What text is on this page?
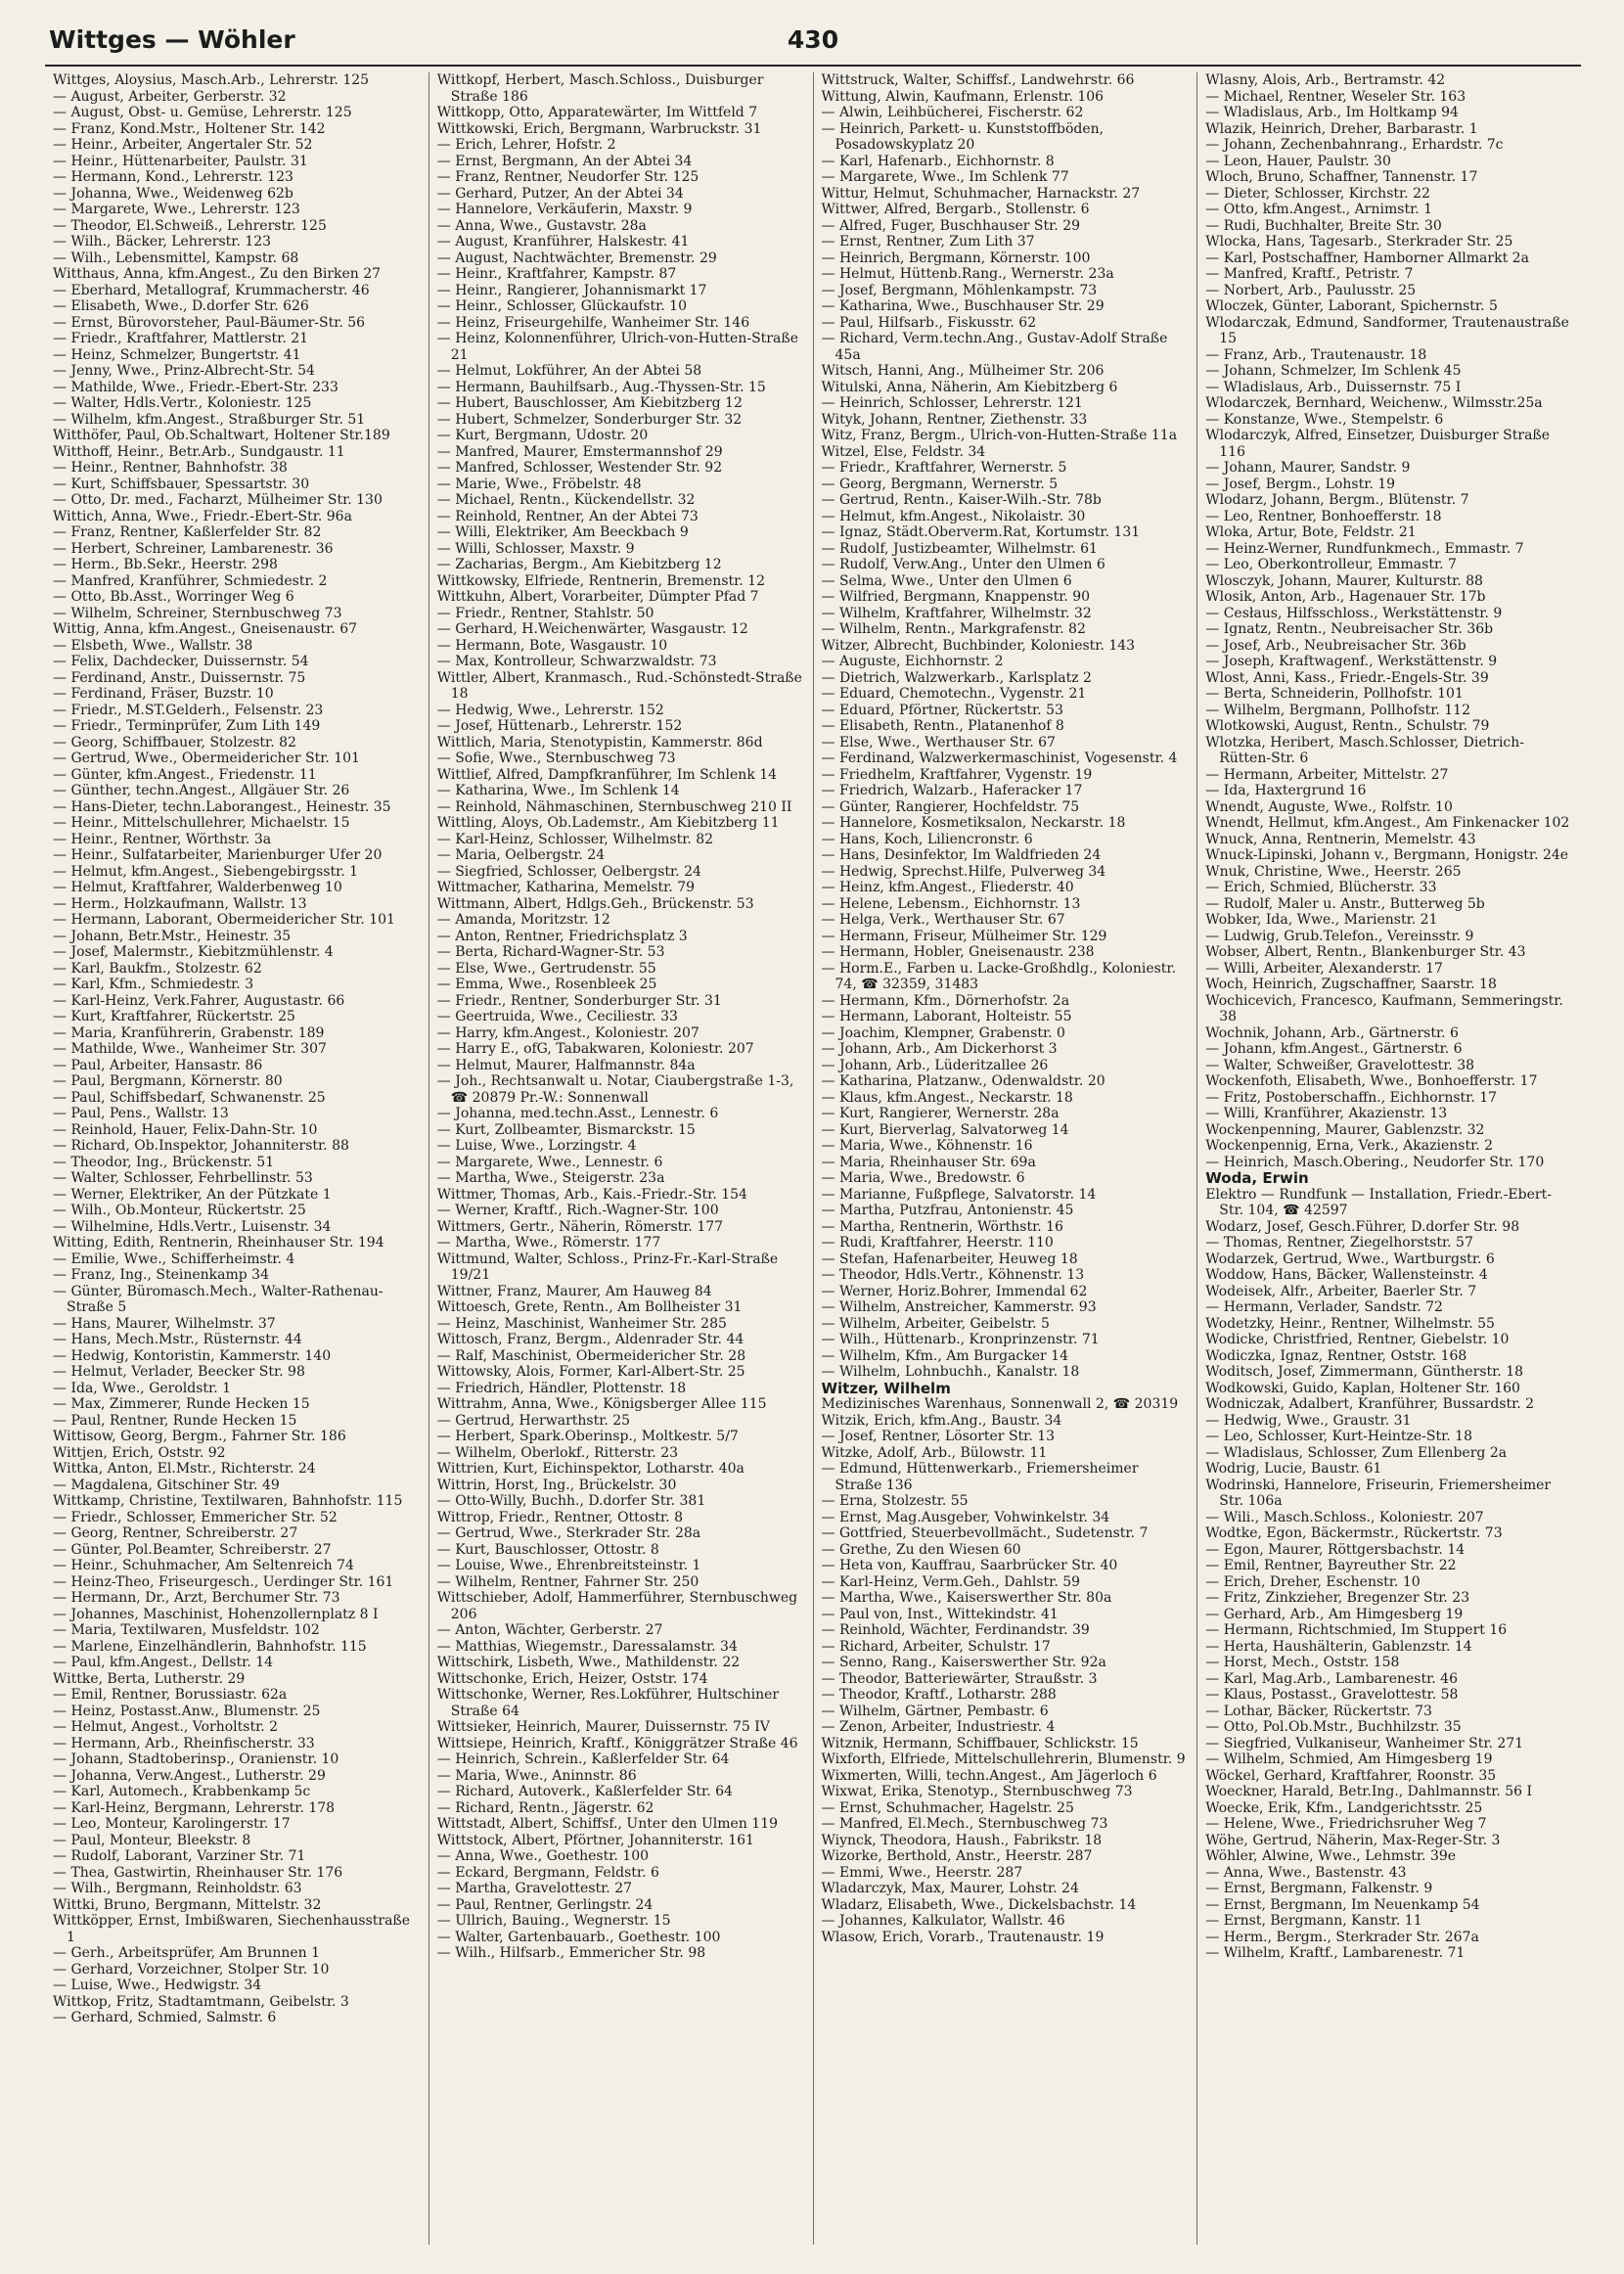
Wittges — Wöhler	430

Wittges, Aloysius, Masch.Arb., Lehrerstr. 125

— August, Arbeiter, Gerberstr. 32

— August, Obst- u. Gemüse, Lehrerstr. 125

— Franz, Kond.Mstr., Holtener Str. 142

— Heinr., Arbeiter, Angertaler Str. 52

— Heinr., Hüttenarbeiter, Paulstr. 31

— Hermann, Kond., Lehrerstr. 123

— Johanna, Wwe., Weidenweg 62b

— Margarete, Wwe., Lehrerstr. 123

— Theodor, El.Schweiß., Lehrerstr. 125

— Wilh., Bäcker, Lehrerstr. 123

— Wilh., Lebensmittel, Kampstr. 68

Witthaus, Anna, kfm.Angest., Zu den Birken 27

— Eberhard, Metallograf, Krummacherstr. 46

— Elisabeth, Wwe., D.dorfer Str. 626

— Ernst, Bürovorsteher, Paul-Bäumer-Str. 56

— Friedr., Kraftfahrer, Mattlerstr. 21

— Heinz, Schmelzer, Bungertstr. 41

— Jenny, Wwe., Prinz-Albrecht-Str. 54

— Mathilde, Wwe., Friedr.-Ebert-Str. 233

— Walter, Hdls.Vertr., Koloniestr. 125

— Wilhelm, kfm.Angest., Straßburger Str. 51

Witthöfer, Paul, Ob.Schaltwart, Holtener Str.189

Witthoff, Heinr., Betr.Arb., Sundgaustr. 11

— Heinr., Rentner, Bahnhofstr. 38

— Kurt, Schiffsbauer, Spessartstr. 30

— Otto, Dr. med., Facharzt, Mülheimer Str. 130

Wittich, Anna, Wwe., Friedr.-Ebert-Str. 96a

— Franz, Rentner, Kaßlerfelder Str. 82

— Herbert, Schreiner, Lambarenestr. 36

— Herm., Bb.Sekr., Heerstr. 298

— Manfred, Kranführer, Schmiedestr. 2

— Otto, Bb.Asst., Worringer Weg 6

— Wilhelm, Schreiner, Sternbuschweg 73

Wittig, Anna, kfm.Angest., Gneisenaustr. 67

— Elsbeth, Wwe., Wallstr. 38

— Felix, Dachdecker, Duissernstr. 54

— Ferdinand, Anstr., Duissernstr. 75

— Ferdinand, Fräser, Buzstr. 10

— Friedr., M.ST.Gelderh., Felsenstr. 23

— Friedr., Terminprüfer, Zum Lith 149

— Georg, Schiffbauer, Stolzestr. 82

— Gertrud, Wwe., Obermeidericher Str. 101

— Günter, kfm.Angest., Friedenstr. 11

— Günther, techn.Angest., Allgäuer Str. 26

— Hans-Dieter, techn.Laborangest., Heinestr. 35

— Heinr., Mittelschullehrer, Michaelstr. 15

— Heinr., Rentner, Wörthstr. 3a

— Heinr., Sulfatarbeiter, Marienburger Ufer 20

— Helmut, kfm.Angest., Siebengebirgsstr. 1

— Helmut, Kraftfahrer, Walderbenweg 10

— Herm., Holzkaufmann, Wallstr. 13

— Hermann, Laborant, Obermeidericher Str. 101

— Johann, Betr.Mstr., Heinestr. 35

— Josef, Malermstr., Kiebitzmühlenstr. 4

— Karl, Baukfm., Stolzestr. 62

— Karl, Kfm., Schmiedestr. 3

— Karl-Heinz, Verk.Fahrer, Augustastr. 66

— Kurt, Kraftfahrer, Rückertstr. 25

— Maria, Kranführerin, Grabenstr. 189

— Mathilde, Wwe., Wanheimer Str. 307

— Paul, Arbeiter, Hansastr. 86

— Paul, Bergmann, Körnerstr. 80

— Paul, Schiffsbedarf, Schwanenstr. 25

— Paul, Pens., Wallstr. 13

— Reinhold, Hauer, Felix-Dahn-Str. 10

— Richard, Ob.Inspektor, Johanniterstr. 88

— Theodor, Ing., Brückenstr. 51

— Walter, Schlosser, Fehrbellinstr. 53

— Werner, Elektriker, An der Pützkate 1

— Wilh., Ob.Monteur, Rückertstr. 25

— Wilhelmine, Hdls.Vertr., Luisenstr. 34

Witting, Edith, Rentnerin, Rheinhauser Str. 194

— Emilie, Wwe., Schifferheimstr. 4

— Franz, Ing., Steinenkamp 34

— Günter, Büromasch.Mech., Walter-Rathenau-Straße 5

— Hans, Maurer, Wilhelmstr. 37

— Hans, Mech.Mstr., Rüsternstr. 44

— Hedwig, Kontoristin, Kammerstr. 140

— Helmut, Verlader, Beecker Str. 98

— Ida, Wwe., Geroldstr. 1

— Max, Zimmerer, Runde Hecken 15

— Paul, Rentner, Runde Hecken 15

Wittisow, Georg, Bergm., Fahrner Str. 186

Wittjen, Erich, Oststr. 92

Wittka, Anton, El.Mstr., Richterstr. 24

— Magdalena, Gitschiner Str. 49

Wittkamp, Christine, Textilwaren, Bahnhofstr. 115

— Friedr., Schlosser, Emmericher Str. 52

— Georg, Rentner, Schreiberstr. 27

— Günter, Pol.Beamter, Schreiberstr. 27

— Heinr., Schuhmacher, Am Seltenreich 74

— Heinz-Theo, Friseurgesch., Uerdinger Str. 161

— Hermann, Dr., Arzt, Berchumer Str. 73

— Johannes, Maschinist, Hohenzollernplatz 8 I

— Maria, Textilwaren, Musfeldstr. 102

— Marlene, Einzelhändlerin, Bahnhofstr. 115

— Paul, kfm.Angest., Dellstr. 14

Wittke, Berta, Lutherstr. 29

— Emil, Rentner, Borussiastr. 62a

— Heinz, Postasst.Anw., Blumenstr. 25

— Helmut, Angest., Vorholtstr. 2

— Hermann, Arb., Rheinfischerstr. 33

— Johann, Stadtoberinsp., Oranienstr. 10

— Johanna, Verw.Angest., Lutherstr. 29

— Karl, Automech., Krabbenkamp 5c

— Karl-Heinz, Bergmann, Lehrerstr. 178

— Leo, Monteur, Karolingerstr. 17

— Paul, Monteur, Bleekstr. 8

— Rudolf, Laborant, Varziner Str. 71

— Thea, Gastwirtin, Rheinhauser Str. 176

— Wilh., Bergmann, Reinholdstr. 63

Wittki, Bruno, Bergmann, Mittelstr. 32

Wittköpper, Ernst, Imbißwaren, Siechenhausstraße 1

— Gerh., Arbeitsprüfer, Am Brunnen 1

— Gerhard, Vorzeichner, Stolper Str. 10

— Luise, Wwe., Hedwigstr. 34

Wittkop, Fritz, Stadtamtmann, Geibelstr. 3

— Gerhard, Schmied, Salmstr. 6

Wittkopf, Herbert, Masch.Schloss., Duisburger Straße 186

Wittkopp, Otto, Apparatewärter, Im Wittfeld 7

Wittkowski, Erich, Bergmann, Warbruckstr. 31

— Erich, Lehrer, Hofstr. 2

— Ernst, Bergmann, An der Abtei 34

— Franz, Rentner, Neudorfer Str. 125

— Gerhard, Putzer, An der Abtei 34

— Hannelore, Verkäuferin, Maxstr. 9

— Anna, Wwe., Gustavstr. 28a

— August, Kranführer, Halskestr. 41

— August, Nachtwächter, Bremenstr. 29

— Heinr., Kraftfahrer, Kampstr. 87

— Heinr., Rangierer, Johannismarkt 17

— Heinr., Schlosser, Glückaufstr. 10

— Heinz, Friseurgehilfe, Wanheimer Str. 146

— Heinz, Kolonnenführer, Ulrich-von-Hutten-Straße 21

— Helmut, Lokführer, An der Abtei 58

— Hermann, Bauhilfsarb., Aug.-Thyssen-Str. 15

— Hubert, Bauschlosser, Am Kiebitzberg 12

— Hubert, Schmelzer, Sonderburger Str. 32

— Kurt, Bergmann, Udostr. 20

— Manfred, Maurer, Emstermannshof 29

— Manfred, Schlosser, Westender Str. 92

— Marie, Wwe., Fröbelstr. 48

— Michael, Rentn., Kückendellstr. 32

— Reinhold, Rentner, An der Abtei 73

— Willi, Elektriker, Am Beeckbach 9

— Willi, Schlosser, Maxstr. 9

— Zacharias, Bergm., Am Kiebitzberg 12

Wittkowsky, Elfriede, Rentnerin, Bremenstr. 12

Wittkuhn, Albert, Vorarbeiter, Dümpter Pfad 7

— Friedr., Rentner, Stahlstr. 50

— Gerhard, H.Weichenwärter, Wasgaustr. 12

— Hermann, Bote, Wasgaustr. 10

— Max, Kontrolleur, Schwarzwaldstr. 73

Wittler, Albert, Kranmasch., Rud.-Schönstedt-Straße 18

— Hedwig, Wwe., Lehrerstr. 152

— Josef, Hüttenarb., Lehrerstr. 152

Wittlich, Maria, Stenotypistin, Kammerstr. 86d

— Sofie, Wwe., Sternbuschweg 73

Wittlief, Alfred, Dampfkranführer, Im Schlenk 14

— Katharina, Wwe., Im Schlenk 14

— Reinhold, Nähmaschinen, Sternbuschweg 210 II

Wittling, Aloys, Ob.Lademstr., Am Kiebitzberg 11

— Karl-Heinz, Schlosser, Wilhelmstr. 82

— Maria, Oelbergstr. 24

— Siegfried, Schlosser, Oelbergstr. 24

Wittmacher, Katharina, Memelstr. 79

Wittmann, Albert, Hdlgs.Geh., Brückenstr. 53

— Amanda, Moritzstr. 12

— Anton, Rentner, Friedrichsplatz 3

— Berta, Richard-Wagner-Str. 53

— Else, Wwe., Gertrudenstr. 55

— Emma, Wwe., Rosenbleek 25

— Friedr., Rentner, Sonderburger Str. 31

— Geertruida, Wwe., Ceciliestr. 33

— Harry, kfm.Angest., Koloniestr. 207

— Harry E., ofG, Tabakwaren, Koloniestr. 207

— Helmut, Maurer, Halfmannstr. 84a

— Joh., Rechtsanwalt u. Notar, Ciaubergstraße 1-3, ☎ 20879 Pr.-W.: Sonnenwall

— Johanna, med.techn.Asst., Lennestr. 6

— Kurt, Zollbeamter, Bismarckstr. 15

— Luise, Wwe., Lorzingstr. 4

— Margarete, Wwe., Lennestr. 6

— Martha, Wwe., Steigerstr. 23a

Wittmer, Thomas, Arb., Kais.-Friedr.-Str. 154

— Werner, Kraftf., Rich.-Wagner-Str. 100

Wittmers, Gertr., Näherin, Römerstr. 177

— Martha, Wwe., Römerstr. 177

Wittmund, Walter, Schloss., Prinz-Fr.-Karl-Straße 19/21

Wittner, Franz, Maurer, Am Hauweg 84

Wittoesch, Grete, Rentn., Am Bollheister 31

— Heinz, Maschinist, Wanheimer Str. 285

Wittosch, Franz, Bergm., Aldenrader Str. 44

— Ralf, Maschinist, Obermeidericher Str. 28

Wittowsky, Alois, Former, Karl-Albert-Str. 25

— Friedrich, Händler, Plottenstr. 18

Wittrahm, Anna, Wwe., Königsberger Allee 115

— Gertrud, Herwarthstr. 25

— Herbert, Spark.Oberinsp., Moltkestr. 5/7

— Wilhelm, Oberlokf., Ritterstr. 23

Wittrien, Kurt, Eichinspektor, Lotharstr. 40a

Wittrin, Horst, Ing., Brückelstr. 30

— Otto-Willy, Buchh., D.dorfer Str. 381

Wittrop, Friedr., Rentner, Ottostr. 8

— Gertrud, Wwe., Sterkrader Str. 28a

— Kurt, Bauschlosser, Ottostr. 8

— Louise, Wwe., Ehrenbreitsteinstr. 1

— Wilhelm, Rentner, Fahrner Str. 250

Wittschieber, Adolf, Hammerführer, Sternbuschweg 206

— Anton, Wächter, Gerberstr. 27

— Matthias, Wiegemstr., Daressalamstr. 34

Wittschirk, Lisbeth, Wwe., Mathildenstr. 22

Wittschonke, Erich, Heizer, Oststr. 174

Wittschonke, Werner, Res.Lokführer, Hultschiner Straße 64

Wittsieker, Heinrich, Maurer, Duissernstr. 75 IV

Wittsiepe, Heinrich, Kraftf., Königgrätzer Straße 46

— Heinrich, Schrein., Kaßlerfelder Str. 64

— Maria, Wwe., Aninnstr. 86

— Richard, Autoverk., Kaßlerfelder Str. 64

— Richard, Rentn., Jägerstr. 62

Wittstadt, Albert, Schiffsf., Unter den Ulmen 119

Wittstock, Albert, Pförtner, Johanniterstr. 161

— Anna, Wwe., Goethestr. 100

— Eckard, Bergmann, Feldstr. 6

— Martha, Gravelottestr. 27

— Paul, Rentner, Gerlingstr. 24

— Ullrich, Bauing., Wegnerstr. 15

— Walter, Gartenbauarb., Goethestr. 100

— Wilh., Hilfsarb., Emmericher Str. 98

Wittstruck, Walter, Schiffsf., Landwehrstr. 66

Wittung, Alwin, Kaufmann, Erlenstr. 106

— Alwin, Leihbücherei, Fischerstr. 62

— Heinrich, Parkett- u. Kunststoffböden, Posadowskyplatz 20

— Karl, Hafenarb., Eichhornstr. 8

— Margarete, Wwe., Im Schlenk 77

Wittur, Helmut, Schuhmacher, Harnackstr. 27

Wittwer, Alfred, Bergarb., Stollenstr. 6

— Alfred, Fuger, Buschhauser Str. 29

— Ernst, Rentner, Zum Lith 37

— Heinrich, Bergmann, Körnerstr. 100

— Helmut, Hüttenb.Rang., Wernerstr. 23a

— Josef, Bergmann, Möhlenkampstr. 73

— Katharina, Wwe., Buschhauser Str. 29

— Paul, Hilfsarb., Fiskusstr. 62

— Richard, Verm.techn.Ang., Gustav-Adolf Straße 45a

Witsch, Hanni, Ang., Mülheimer Str. 206

Witulski, Anna, Näherin, Am Kiebitzberg 6

— Heinrich, Schlosser, Lehrerstr. 121

Wityk, Johann, Rentner, Ziethenstr. 33

Witz, Franz, Bergm., Ulrich-von-Hutten-Straße 11a

Witzel, Else, Feldstr. 34

— Friedr., Kraftfahrer, Wernerstr. 5

— Georg, Bergmann, Wernerstr. 5

— Gertrud, Rentn., Kaiser-Wilh.-Str. 78b

— Helmut, kfm.Angest., Nikolaistr. 30

— Ignaz, Städt.Oberverm.Rat, Kortumstr. 131

— Rudolf, Justizbeamter, Wilhelmstr. 61

— Rudolf, Verw.Ang., Unter den Ulmen 6

— Selma, Wwe., Unter den Ulmen 6

— Wilfried, Bergmann, Knappenstr. 90

— Wilhelm, Kraftfahrer, Wilhelmstr. 32

— Wilhelm, Rentn., Markgrafenstr. 82

Witzer, Albrecht, Buchbinder, Koloniestr. 143

— Auguste, Eichhornstr. 2

— Dietrich, Walzwerkarb., Karlsplatz 2

— Eduard, Chemotechn., Vygenstr. 21

— Eduard, Pförtner, Rückertstr. 53

— Elisabeth, Rentn., Platanenhof 8

— Else, Wwe., Werthauser Str. 67

— Ferdinand, Walzwerkermaschinist, Vogesenstr. 4

— Friedhelm, Kraftfahrer, Vygenstr. 19

— Friedrich, Walzarb., Haferacker 17

— Günter, Rangierer, Hochfeldstr. 75

— Hannelore, Kosmetiksalon, Neckarstr. 18

— Hans, Koch, Liliencronstr. 6

— Hans, Desinfektor, Im Waldfrieden 24

— Hedwig, Sprechst.Hilfe, Pulverweg 34

— Heinz, kfm.Angest., Fliederstr. 40

— Helene, Lebensm., Eichhornstr. 13

— Helga, Verk., Werthauser Str. 67

— Hermann, Friseur, Mülheimer Str. 129

— Hermann, Hobler, Gneisenaustr. 238

— Horm.E., Farben u. Lacke-Großhdlg., Koloniestr. 74, ☎ 32359, 31483

— Hermann, Kfm., Dörnerhofstr. 2a

— Hermann, Laborant, Holteistr. 55

— Joachim, Klempner, Grabenstr. 0

— Johann, Arb., Am Dickerhorst 3

— Johann, Arb., Lüderitzallee 26

— Katharina, Platzanw., Odenwaldstr. 20

— Klaus, kfm.Angest., Neckarstr. 18

— Kurt, Rangierer, Wernerstr. 28a

— Kurt, Bierverlag, Salvatorweg 14

— Maria, Wwe., Köhnenstr. 16

— Maria, Rheinhauser Str. 69a

— Maria, Wwe., Bredowstr. 6

— Marianne, Fußpflege, Salvatorstr. 14

— Martha, Putzfrau, Antonienstr. 45

— Martha, Rentnerin, Wörthstr. 16

— Rudi, Kraftfahrer, Heerstr. 110

— Stefan, Hafenarbeiter, Heuweg 18

— Theodor, Hdls.Vertr., Köhnenstr. 13

— Werner, Horiz.Bohrer, Immendal 62

— Wilhelm, Anstreicher, Kammerstr. 93

— Wilhelm, Arbeiter, Geibelstr. 5

— Wilh., Hüttenarb., Kronprinzenstr. 71

— Wilhelm, Kfm., Am Burgacker 14

— Wilhelm, Lohnbuchh., Kanalstr. 18

Witzer, Wilhelm

Medizinisches Warenhaus, Sonnenwall 2, ☎ 20319

Witzik, Erich, kfm.Ang., Baustr. 34

— Josef, Rentner, Lösorter Str. 13

Witzke, Adolf, Arb., Bülowstr. 11

— Edmund, Hüttenwerkarb., Friemersheimer Straße 136

— Erna, Stolzestr. 55

— Ernst, Mag.Ausgeber, Vohwinkelstr. 34

— Gottfried, Steuerbevollmächt., Sudetenstr. 7

— Grethe, Zu den Wiesen 60

— Heta von, Kauffrau, Saarbrücker Str. 40

— Karl-Heinz, Verm.Geh., Dahlstr. 59

— Martha, Wwe., Kaiserswerther Str. 80a

— Paul von, Inst., Wittekindstr. 41

— Reinhold, Wächter, Ferdinandstr. 39

— Richard, Arbeiter, Schulstr. 17

— Senno, Rang., Kaiserswerther Str. 92a

— Theodor, Batteriewärter, Straußstr. 3

— Theodor, Kraftf., Lotharstr. 288

— Wilhelm, Gärtner, Pembastr. 6

— Zenon, Arbeiter, Industriestr. 4

Witznik, Hermann, Schiffbauer, Schlickstr. 15

Wixforth, Elfriede, Mittelschullehrerin, Blumenstr. 9

Wixmerten, Willi, techn.Angest., Am Jägerloch 6

Wixwat, Erika, Stenotyp., Sternbuschweg 73

— Ernst, Schuhmacher, Hagelstr. 25

— Manfred, El.Mech., Sternbuschweg 73

Wiynck, Theodora, Haush., Fabrikstr. 18

Wizorke, Berthold, Anstr., Heerstr. 287

— Emmi, Wwe., Heerstr. 287

Wladarczyk, Max, Maurer, Lohstr. 24

Wladarz, Elisabeth, Wwe., Dickelsbachstr. 14

— Johannes, Kalkulator, Wallstr. 46

Wlasow, Erich, Vorarb., Trautenaustr. 19

Wlasny, Alois, Arb., Bertramstr. 42

— Michael, Rentner, Weseler Str. 163

— Wladislaus, Arb., Im Holtkamp 94

Wlazik, Heinrich, Dreher, Barbarastr. 1

— Johann, Zechenbahnrang., Erhardstr. 7c

— Leon, Hauer, Paulstr. 30

Wloch, Bruno, Schaffner, Tannenstr. 17

— Dieter, Schlosser, Kirchstr. 22

— Otto, kfm.Angest., Arnimstr. 1

— Rudi, Buchhalter, Breite Str. 30

Wlocka, Hans, Tagesarb., Sterkrader Str. 25

— Karl, Postschaffner, Hamborner Allmarkt 2a

— Manfred, Kraftf., Petristr. 7

— Norbert, Arb., Paulusstr. 25

Wloczek, Günter, Laborant, Spichernstr. 5

Wlodarczak, Edmund, Sandformer, Trautenaustraße 15

— Franz, Arb., Trautenaustr. 18

— Johann, Schmelzer, Im Schlenk 45

— Wladislaus, Arb., Duissernstr. 75 I

Wlodarczek, Bernhard, Weichenw., Wilmsstr.25a

— Konstanze, Wwe., Stempelstr. 6

Wlodarczyk, Alfred, Einsetzer, Duisburger Straße 116

— Johann, Maurer, Sandstr. 9

— Josef, Bergm., Lohstr. 19

Wlodarz, Johann, Bergm., Blütenstr. 7

— Leo, Rentner, Bonhoefferstr. 18

Wloka, Artur, Bote, Feldstr. 21

— Heinz-Werner, Rundfunkmech., Emmastr. 7

— Leo, Oberkontrolleur, Emmastr. 7

Wlosczyk, Johann, Maurer, Kulturstr. 88

Wlosik, Anton, Arb., Hagenauer Str. 17b

— Cesłaus, Hilfsschloss., Werkstättenstr. 9

— Ignatz, Rentn., Neubreisacher Str. 36b

— Josef, Arb., Neubreisacher Str. 36b

— Joseph, Kraftwagenf., Werkstättenstr. 9

Wlost, Anni, Kass., Friedr.-Engels-Str. 39

— Berta, Schneiderin, Pollhofstr. 101

— Wilhelm, Bergmann, Pollhofstr. 112

Wlotkowski, August, Rentn., Schulstr. 79

Wlotzka, Heribert, Masch.Schlosser, Dietrich-Rütten-Str. 6

— Hermann, Arbeiter, Mittelstr. 27

— Ida, Haxtergrund 16

Wnendt, Auguste, Wwe., Rolfstr. 10

Wnendt, Hellmut, kfm.Angest., Am Finkenacker 102

Wnuck, Anna, Rentnerin, Memelstr. 43

Wnuck-Lipinski, Johann v., Bergmann, Honigstr. 24e

Wnuk, Christine, Wwe., Heerstr. 265

— Erich, Schmied, Blücherstr. 33

— Rudolf, Maler u. Anstr., Butterweg 5b

Wobker, Ida, Wwe., Marienstr. 21

— Ludwig, Grub.Telefon., Vereinsstr. 9

Wobser, Albert, Rentn., Blankenburger Str. 43

— Willi, Arbeiter, Alexanderstr. 17

Woch, Heinrich, Zugschaffner, Saarstr. 18

Wochicevich, Francesco, Kaufmann, Semmeringstr. 38

Wochnik, Johann, Arb., Gärtnerstr. 6

— Johann, kfm.Angest., Gärtnerstr. 6

— Walter, Schweißer, Gravelottestr. 38

Wockenfoth, Elisabeth, Wwe., Bonhoefferstr. 17

— Fritz, Postoberschaffn., Eichhornstr. 17

— Willi, Kranführer, Akazienstr. 13

Wockenpenning, Maurer, Gablenzstr. 32

Wockenpennig, Erna, Verk., Akazienstr. 2

— Heinrich, Masch.Obering., Neudorfer Str. 170

Woda, Erwin

Elektro — Rundfunk — Installation, Friedr.-Ebert-Str. 104, ☎ 42597

Wodarz, Josef, Gesch.Führer, D.dorfer Str. 98

— Thomas, Rentner, Ziegelhorststr. 57

Wodarzek, Gertrud, Wwe., Wartburgstr. 6

Woddow, Hans, Bäcker, Wallensteinstr. 4

Wodeisek, Alfr., Arbeiter, Baerler Str. 7

— Hermann, Verlader, Sandstr. 72

Wodetzky, Heinr., Rentner, Wilhelmstr. 55

Wodicke, Christfried, Rentner, Giebelstr. 10

Wodiczka, Ignaz, Rentner, Oststr. 168

Woditsch, Josef, Zimmermann, Güntherstr. 18

Wodkowski, Guido, Kaplan, Holtener Str. 160

Wodniczak, Adalbert, Kranführer, Bussardstr. 2

— Hedwig, Wwe., Graustr. 31

— Leo, Schlosser, Kurt-Heintze-Str. 18

— Wladislaus, Schlosser, Zum Ellenberg 2a

Wodrig, Lucie, Baustr. 61

Wodrinski, Hannelore, Friseurin, Friemersheimer Str. 106a

— Wili., Masch.Schloss., Koloniestr. 207

Wodtke, Egon, Bäckermstr., Rückertstr. 73

— Egon, Maurer, Röttgersbachstr. 14

— Emil, Rentner, Bayreuther Str. 22

— Erich, Dreher, Eschenstr. 10

— Fritz, Zinkzieher, Bregenzer Str. 23

— Gerhard, Arb., Am Himgesberg 19

— Hermann, Richtschmied, Im Stuppert 16

— Herta, Haushälterin, Gablenzstr. 14

— Horst, Mech., Oststr. 158

— Karl, Mag.Arb., Lambarenestr. 46

— Klaus, Postasst., Gravelottestr. 58

— Lothar, Bäcker, Rückertstr. 73

— Otto, Pol.Ob.Mstr., Buchhilzstr. 35

— Siegfried, Vulkaniseur, Wanheimer Str. 271

— Wilhelm, Schmied, Am Himgesberg 19

Wöckel, Gerhard, Kraftfahrer, Roonstr. 35

Woeckner, Harald, Betr.Ing., Dahlmannstr. 56 I

Woecke, Erik, Kfm., Landgerichtsstr. 25

— Helene, Wwe., Friedrichsruher Weg 7

Wöhe, Gertrud, Näherin, Max-Reger-Str. 3

Wöhler, Alwine, Wwe., Lehmstr. 39e

— Anna, Wwe., Bastenstr. 43

— Ernst, Bergmann, Falkenstr. 9

— Ernst, Bergmann, Im Neuenkamp 54

— Ernst, Bergmann, Kanstr. 11

— Herm., Bergm., Sterkrader Str. 267a

— Wilhelm, Kraftf., Lambarenestr. 71
